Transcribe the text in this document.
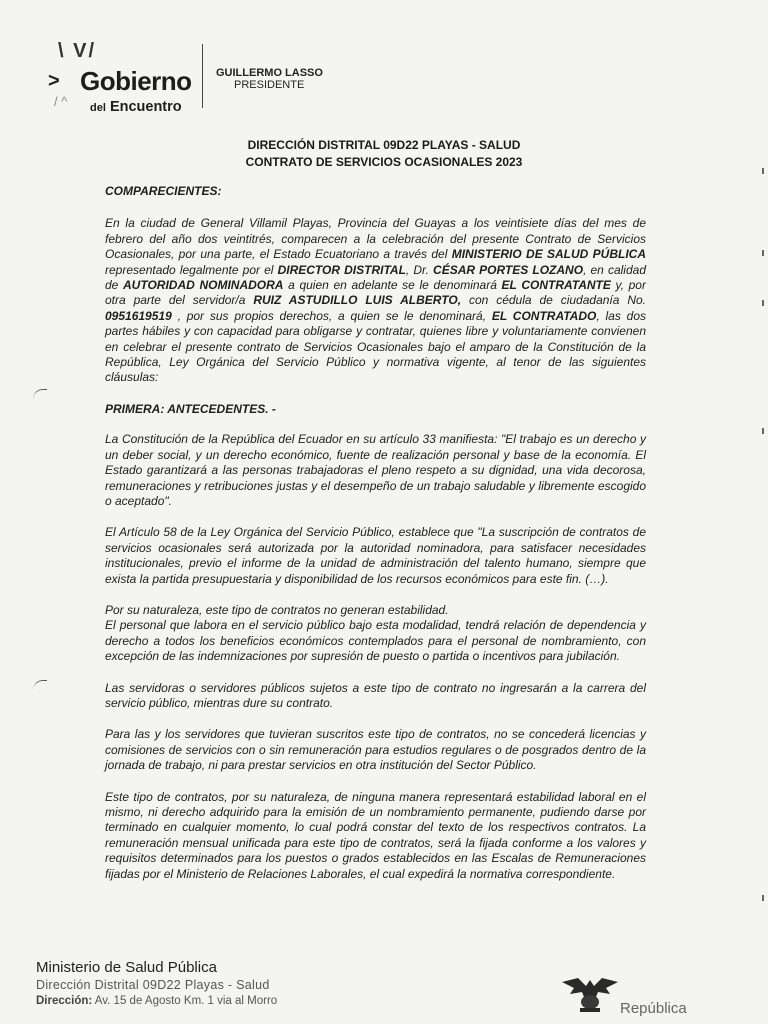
\ V/
> Gobierno
/ ^ del Encuentro
GUILLERMO LASSO
PRESIDENTE
DIRECCIÓN DISTRITAL 09D22 PLAYAS - SALUD
CONTRATO DE SERVICIOS OCASIONALES 2023
COMPARECIENTES:

En la ciudad de General Villamil Playas, Provincia del Guayas a los veintisiete días del mes de febrero del año dos veintitrés, comparecen a la celebración del presente Contrato de Servicios Ocasionales, por una parte, el Estado Ecuatoriano a través del MINISTERIO DE SALUD PÚBLICA representado legalmente por el DIRECTOR DISTRITAL, Dr. CÉSAR PORTES LOZANO, en calidad de AUTORIDAD NOMINADORA a quien en adelante se le denominará EL CONTRATANTE y, por otra parte del servidor/a RUIZ ASTUDILLO LUIS ALBERTO, con cédula de ciudadanía No. 0951619519 , por sus propios derechos, a quien se le denominará, EL CONTRATADO, las dos partes hábiles y con capacidad para obligarse y contratar, quienes libre y voluntariamente convienen en celebrar el presente contrato de Servicios Ocasionales bajo el amparo de la Constitución de la República, Ley Orgánica del Servicio Público y normativa vigente, al tenor de las siguientes cláusulas:

PRIMERA: ANTECEDENTES. -

La Constitución de la República del Ecuador en su artículo 33 manifiesta: "El trabajo es un derecho y un deber social, y un derecho económico, fuente de realización personal y base de la economía. El Estado garantizará a las personas trabajadoras el pleno respeto a su dignidad, una vida decorosa, remuneraciones y retribuciones justas y el desempeño de un trabajo saludable y libremente escogido o aceptado".

El Artículo 58 de la Ley Orgánica del Servicio Público, establece que "La suscripción de contratos de servicios ocasionales será autorizada por la autoridad nominadora, para satisfacer necesidades institucionales, previo el informe de la unidad de administración del talento humano, siempre que exista la partida presupuestaria y disponibilidad de los recursos económicos para este fin. (…).

Por su naturaleza, este tipo de contratos no generan estabilidad.
El personal que labora en el servicio público bajo esta modalidad, tendrá relación de dependencia y derecho a todos los beneficios económicos contemplados para el personal de nombramiento, con excepción de las indemnizaciones por supresión de puesto o partida o incentivos para jubilación.

Las servidoras o servidores públicos sujetos a este tipo de contrato no ingresarán a la carrera del servicio público, mientras dure su contrato.

Para las y los servidores que tuvieran suscritos este tipo de contratos, no se concederá licencias y comisiones de servicios con o sin remuneración para estudios regulares o de posgrados dentro de la jornada de trabajo, ni para prestar servicios en otra institución del Sector Público.

Este tipo de contratos, por su naturaleza, de ninguna manera representará estabilidad laboral en el mismo, ni derecho adquirido para la emisión de un nombramiento permanente, pudiendo darse por terminado en cualquier momento, lo cual podrá constar del texto de los respectivos contratos. La remuneración mensual unificada para este tipo de contratos, será la fijada conforme a los valores y requisitos determinados para los puestos o grados establecidos en las Escalas de Remuneraciones fijadas por el Ministerio de Relaciones Laborales, el cual expedirá la normativa correspondiente.

Ministerio de Salud Pública
Dirección Distrital 09D22 Playas - Salud
Dirección: Av. 15 de Agosto Km. 1 via al Morro	República
